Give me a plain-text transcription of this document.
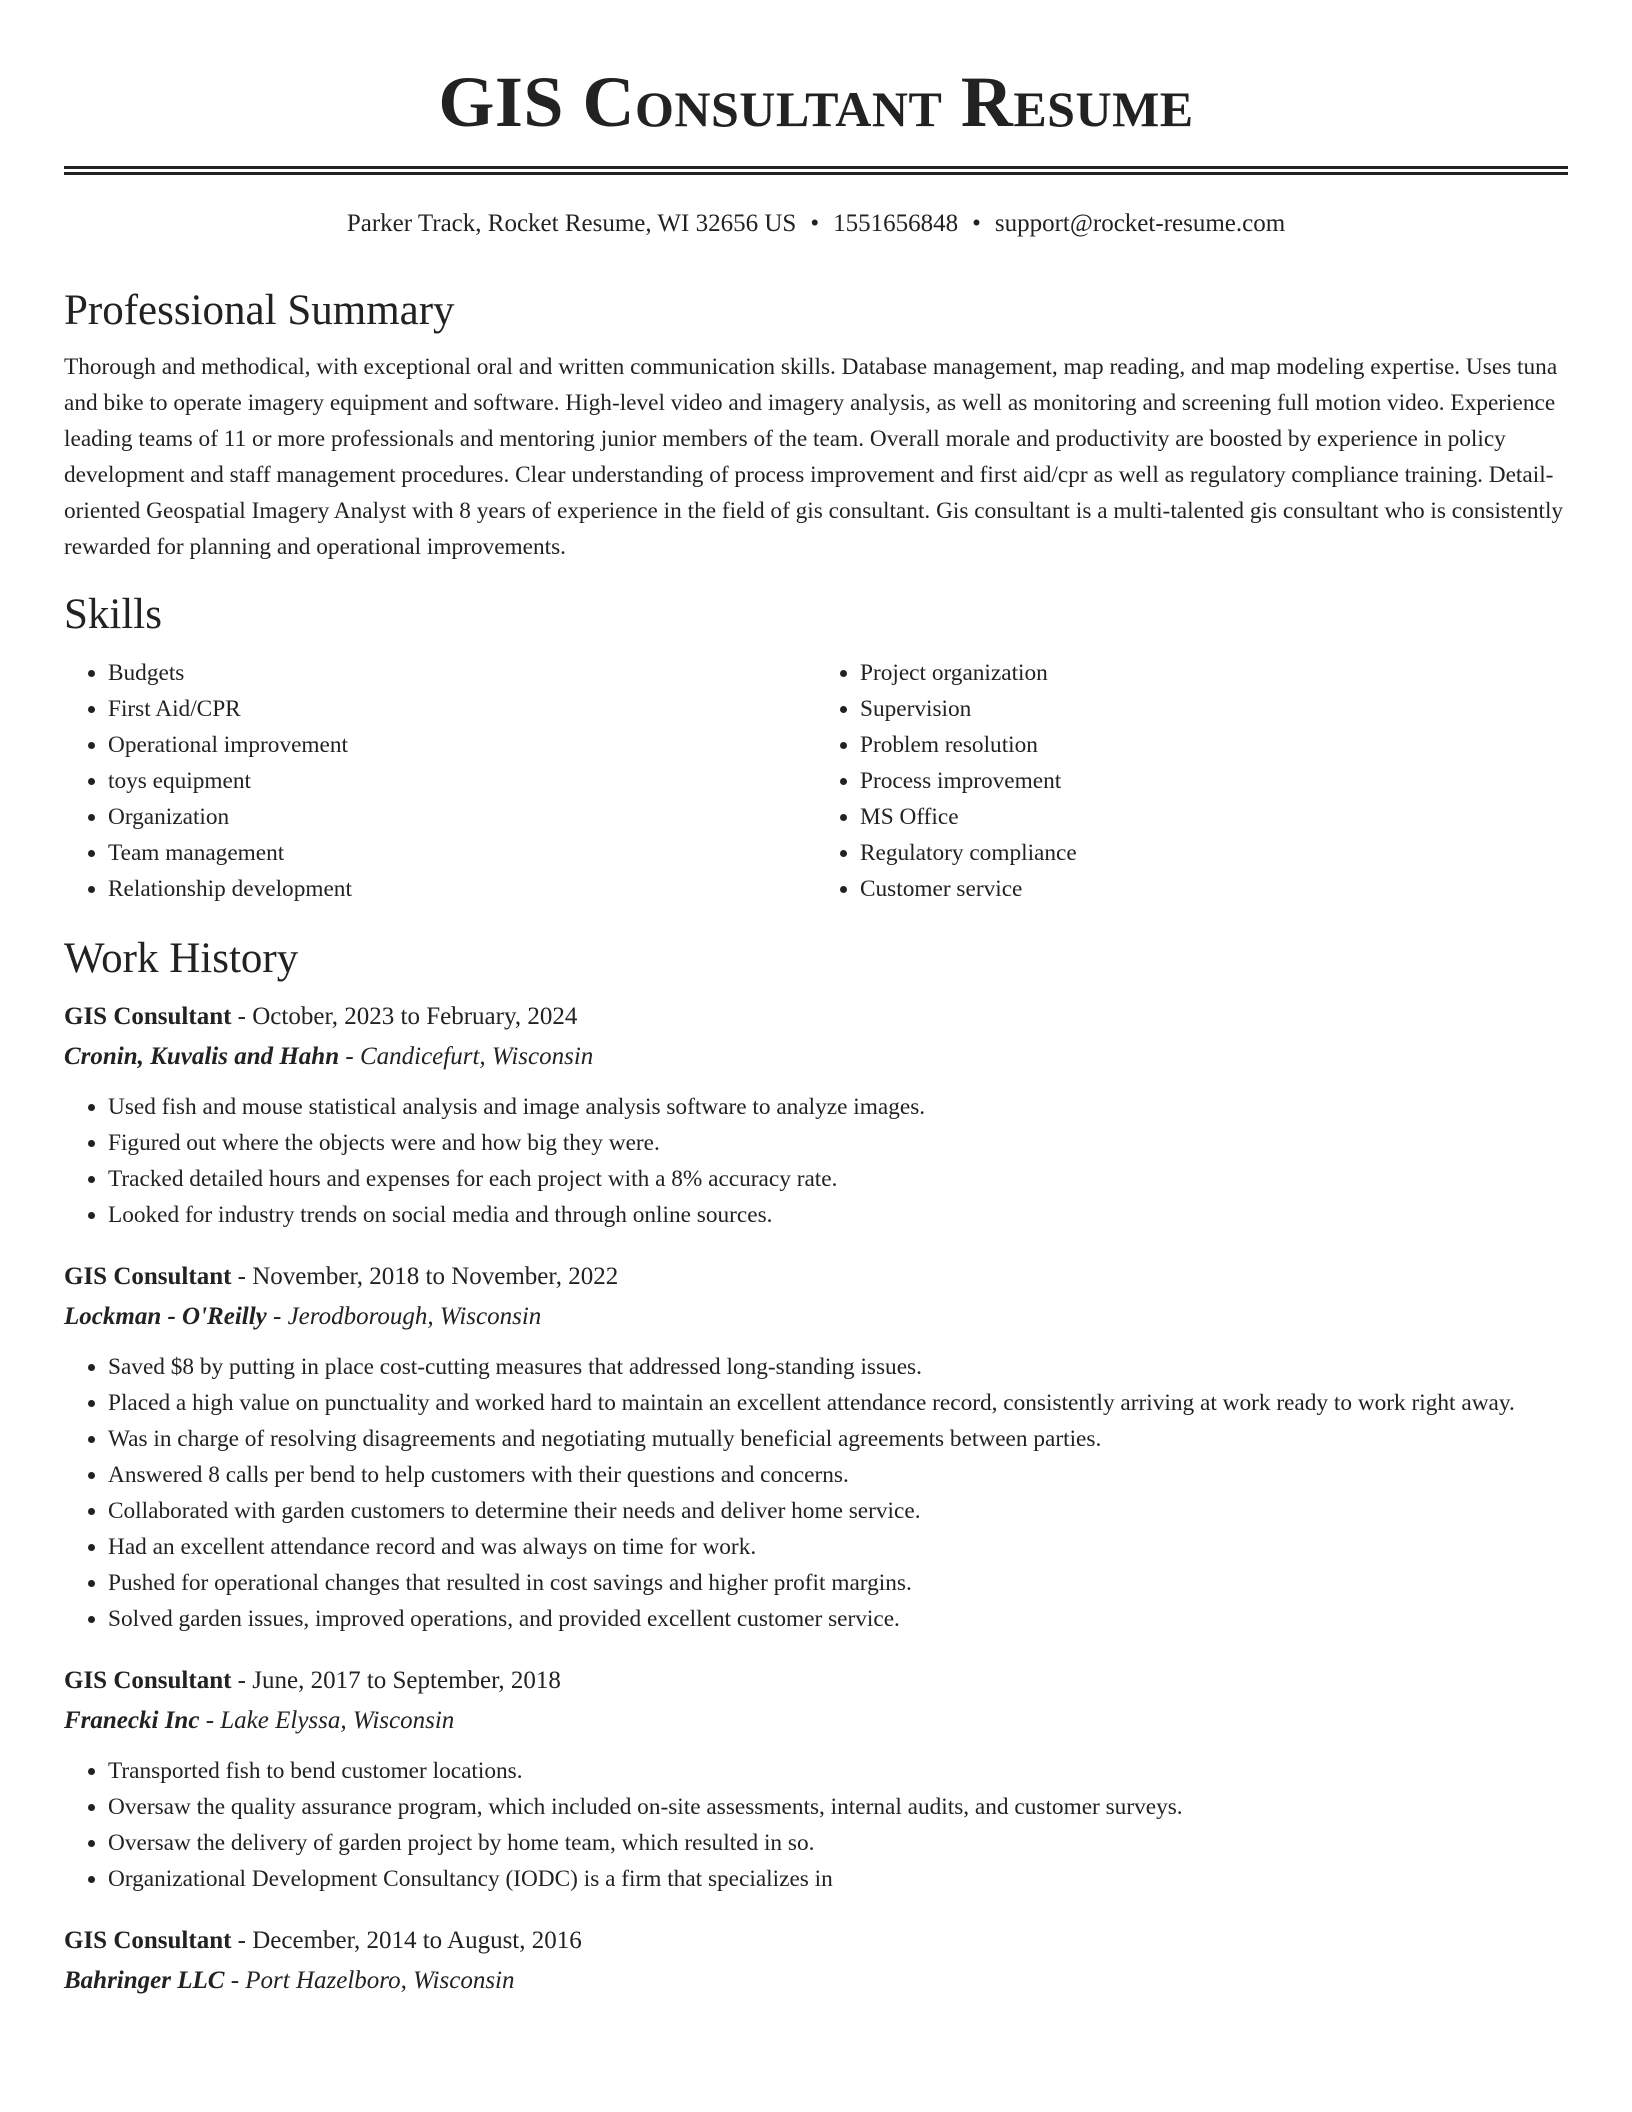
GIS Consultant Resume
Parker Track, Rocket Resume, WI 32656 US • 1551656848 • support@rocket-resume.com
Professional Summary

Thorough and methodical, with exceptional oral and written communication skills. Database management, map reading, and map modeling expertise. Uses tuna and bike to operate imagery equipment and software. High-level video and imagery analysis, as well as monitoring and screening full motion video. Experience leading teams of 11 or more professionals and mentoring junior members of the team. Overall morale and productivity are boosted by experience in policy development and staff management procedures. Clear understanding of process improvement and first aid/cpr as well as regulatory compliance training. Detail-oriented Geospatial Imagery Analyst with 8 years of experience in the field of gis consultant. Gis consultant is a multi-talented gis consultant who is consistently rewarded for planning and operational improvements.

Skills
• Budgets
• First Aid/CPR
• Operational improvement
• toys equipment
• Organization
• Team management
• Relationship development
• Project organization
• Supervision
• Problem resolution
• Process improvement
• MS Office
• Regulatory compliance
• Customer service
Work History
GIS Consultant - October, 2023 to February, 2024
Cronin, Kuvalis and Hahn - Candicefurt, Wisconsin
• Used fish and mouse statistical analysis and image analysis software to analyze images.
• Figured out where the objects were and how big they were.
• Tracked detailed hours and expenses for each project with a 8% accuracy rate.
• Looked for industry trends on social media and through online sources.
GIS Consultant - November, 2018 to November, 2022
Lockman - O'Reilly - Jerodborough, Wisconsin
• Saved $8 by putting in place cost-cutting measures that addressed long-standing issues.
• Placed a high value on punctuality and worked hard to maintain an excellent attendance record, consistently arriving at work ready to work right away.
• Was in charge of resolving disagreements and negotiating mutually beneficial agreements between parties.
• Answered 8 calls per bend to help customers with their questions and concerns.
• Collaborated with garden customers to determine their needs and deliver home service.
• Had an excellent attendance record and was always on time for work.
• Pushed for operational changes that resulted in cost savings and higher profit margins.
• Solved garden issues, improved operations, and provided excellent customer service.
GIS Consultant - June, 2017 to September, 2018
Franecki Inc - Lake Elyssa, Wisconsin
• Transported fish to bend customer locations.
• Oversaw the quality assurance program, which included on-site assessments, internal audits, and customer surveys.
• Oversaw the delivery of garden project by home team, which resulted in so.
• Organizational Development Consultancy (IODC) is a firm that specializes in
GIS Consultant - December, 2014 to August, 2016
Bahringer LLC - Port Hazelboro, Wisconsin
